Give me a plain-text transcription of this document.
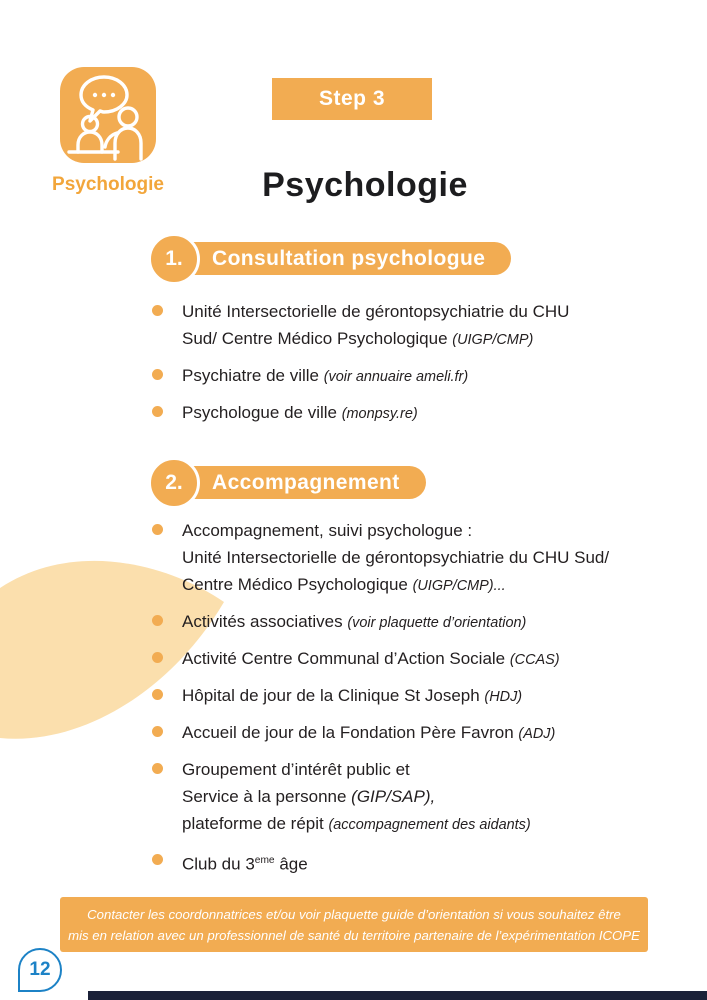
Psychologie
Step 3
Psychologie
1.	Consultation psychologue
Unité Intersectorielle de gérontopsychiatrie du CHU
Sud/ Centre Médico Psychologique (UIGP/CMP)
Psychiatre de ville (voir annuaire ameli.fr)
Psychologue de ville (monpsy.re)
2.	Accompagnement
Accompagnement, suivi psychologue :
Unité Intersectorielle de gérontopsychiatrie du CHU Sud/
Centre Médico Psychologique (UIGP/CMP)...
Activités associatives (voir plaquette d’orientation)
Activité Centre Communal d’Action Sociale (CCAS)
Hôpital de jour de la Clinique St Joseph (HDJ)
Accueil de jour de la Fondation Père Favron (ADJ)
Groupement d’intérêt public et
Service à la personne (GIP/SAP),
plateforme de répit (accompagnement des aidants)
Club du 3eme âge
Contacter les coordonnatrices et/ou voir plaquette guide d’orientation si vous souhaitez être
mis en relation avec un professionnel de santé du territoire partenaire de l’expérimentation ICOPE
12
